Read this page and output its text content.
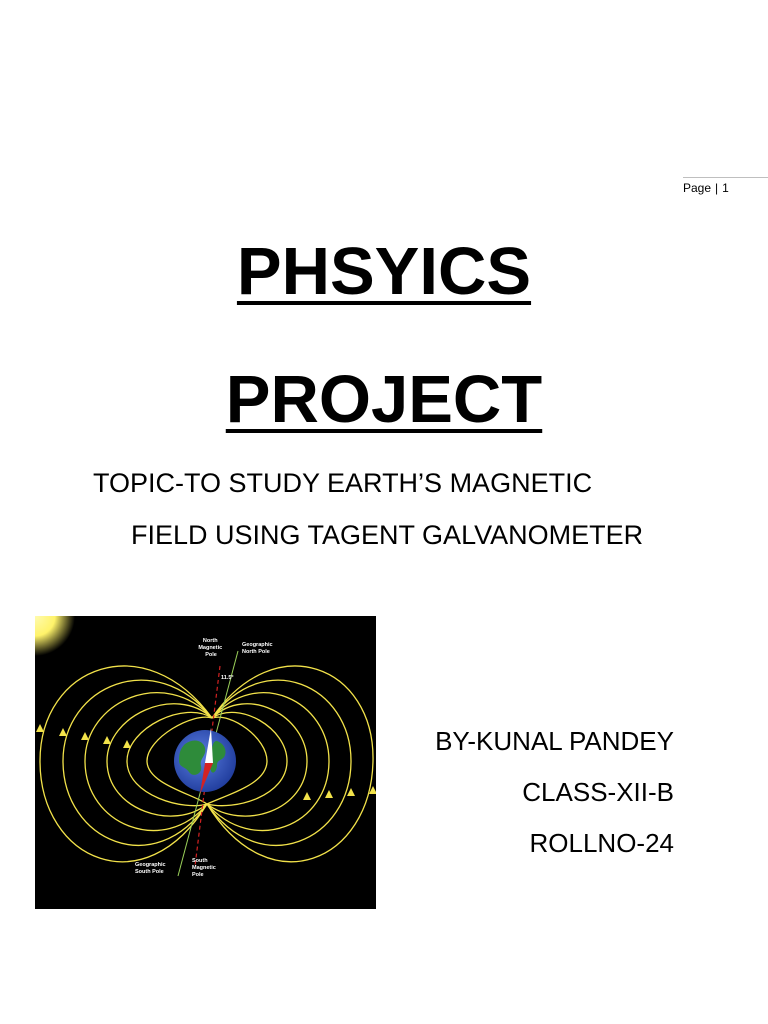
Page | 1
PHSYICS
PROJECT
TOPIC-TO STUDY EARTH’S MAGNETIC
FIELD USING TAGENT GALVANOMETER
North Magnetic Pole
Geographic North Pole
11.5°
Geographic South Pole
South Magnetic Pole
BY-KUNAL PANDEY
CLASS-XII-B
ROLLNO-24
